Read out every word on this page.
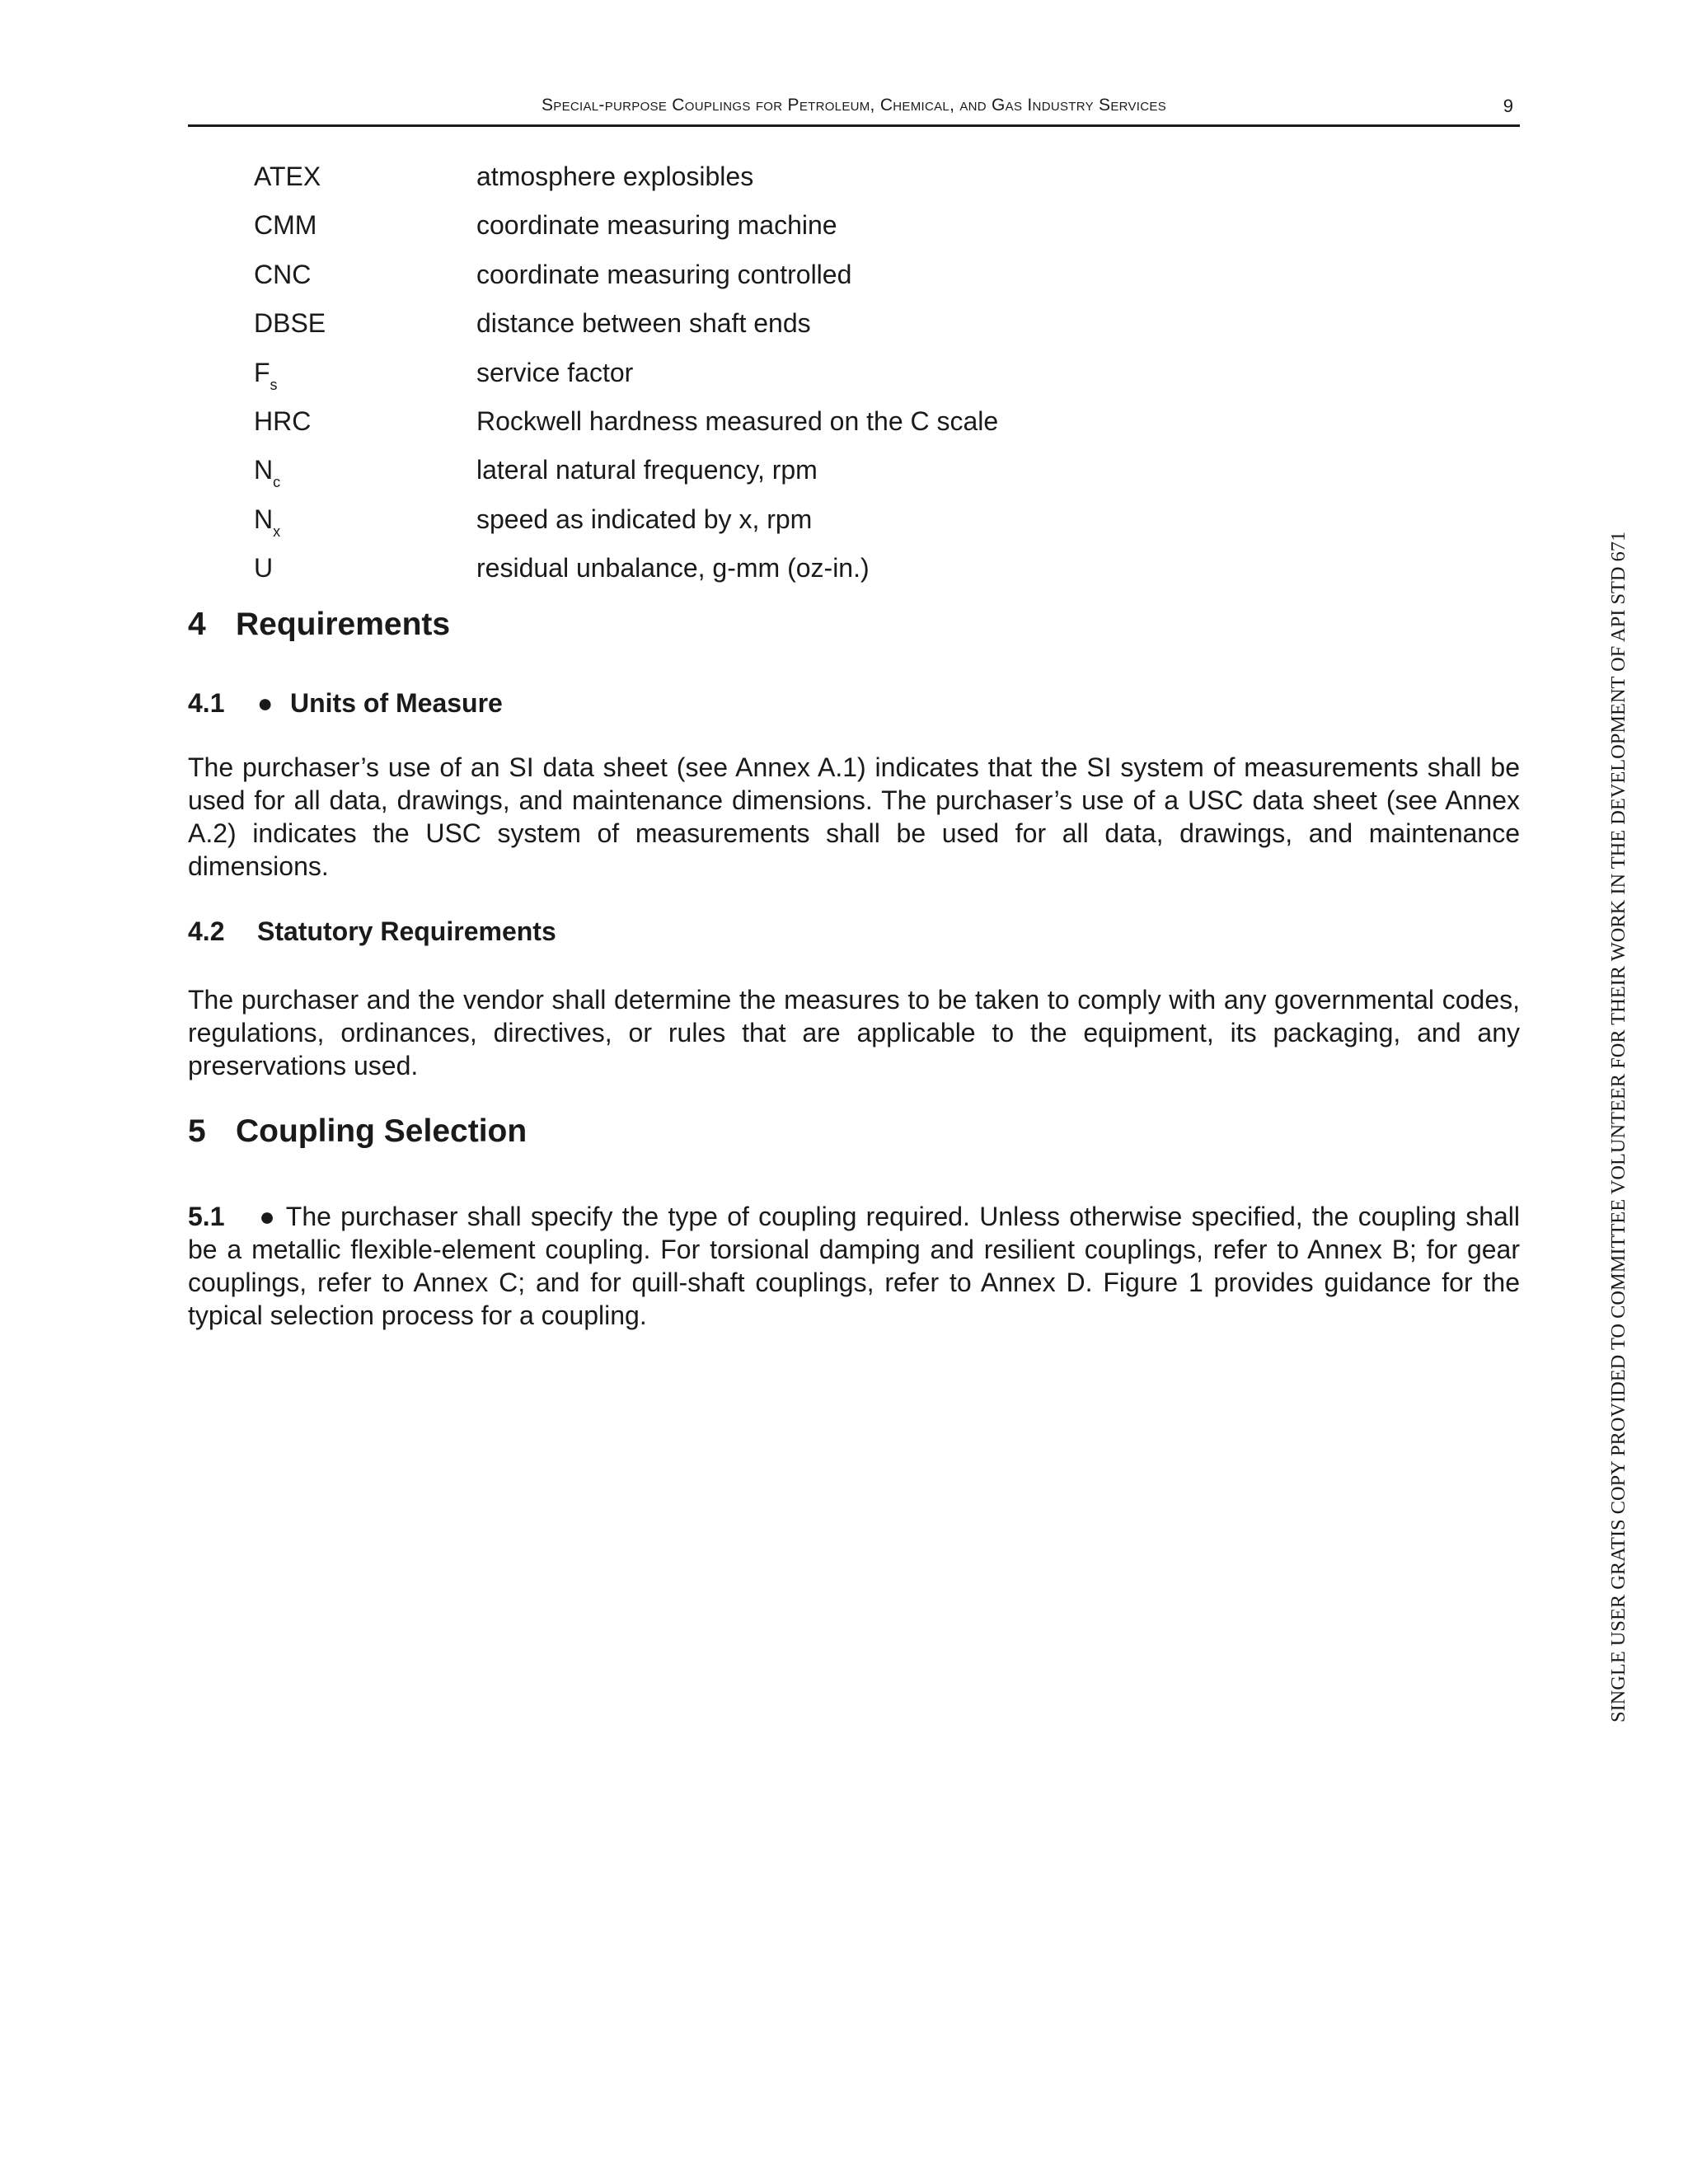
Special-purpose Couplings for Petroleum, Chemical, and Gas Industry Services	9
ATEX	atmosphere explosibles
CMM	coordinate measuring machine
CNC	coordinate measuring controlled
DBSE	distance between shaft ends
$F_s$	service factor
HRC	Rockwell hardness measured on the C scale
$N_c$	lateral natural frequency, rpm
$N_x$	speed as indicated by x, rpm
U	residual unbalance, g-mm (oz-in.)
4 Requirements
4.1 ● Units of Measure

The purchaser’s use of an SI data sheet (see Annex A.1) indicates that the SI system of measurements shall be used for all data, drawings, and maintenance dimensions. The purchaser’s use of a USC data sheet (see Annex A.2) indicates the USC system of measurements shall be used for all data, drawings, and maintenance dimensions.

4.2 Statutory Requirements

The purchaser and the vendor shall determine the measures to be taken to comply with any governmental codes, regulations, ordinances, directives, or rules that are applicable to the equipment, its packaging, and any preservations used.

5 Coupling Selection

5.1 ● The purchaser shall specify the type of coupling required. Unless otherwise specified, the coupling shall be a metallic flexible-element coupling. For torsional damping and resilient couplings, refer to Annex B; for gear couplings, refer to Annex C; and for quill-shaft couplings, refer to Annex D. Figure 1 provides guidance for the typical selection process for a coupling.	SINGLE USER GRATIS COPY PROVIDED TO COMMITTEE VOLUNTEER FOR THEIR WORK IN THE DEVELOPMENT OF API STD 671
